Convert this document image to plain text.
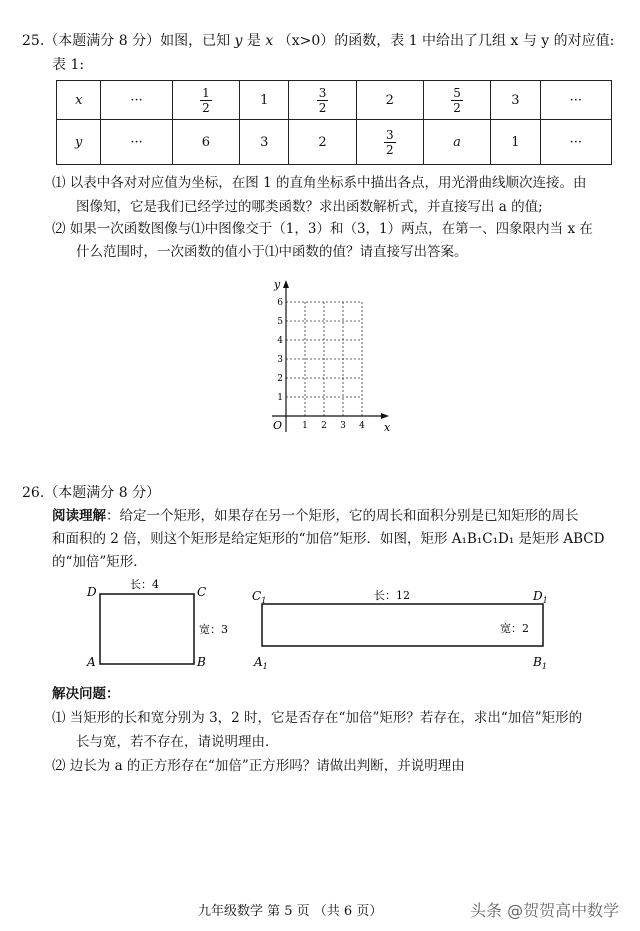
25.（本题满分 8 分）如图，已知 y 是 x （x>0）的函数，表 1 中给出了几组 x 与 y 的对应值:
表 1:
x	···	$\frac{1}{2}$	1	$\frac{3}{2}$	2	$\frac{5}{2}$	3	···
y	···	6	3	2	$\frac{3}{2}$	a	1	···
⑴ 以表中各对对应值为坐标，在图 1 的直角坐标系中描出各点，用光滑曲线顺次连接。由
图像知，它是我们已经学过的哪类函数？求出函数解析式，并直接写出 a 的值;
⑵ 如果一次函数图像与⑴中图像交于（1，3）和（3，1）两点，在第一、四象限内当 x 在
什么范围时，一次函数的值小于⑴中函数的值？请直接写出答案。
y
x
O
1
2
3
4
5
6
1 2 3 4
26.（本题满分 8 分）
阅读理解：给定一个矩形，如果存在另一个矩形，它的周长和面积分别是已知矩形的周长
和面积的 2 倍，则这个矩形是给定矩形的“加倍”矩形．如图，矩形 A₁B₁C₁D₁ 是矩形 ABCD
的“加倍”矩形．
D	C
A	B
长：4
宽：3
$C_1$	$D_1$
$A_1$	$B_1$
长：12
宽：2
解决问题：
⑴ 当矩形的长和宽分别为 3，2 时，它是否存在“加倍”矩形？若存在，求出“加倍”矩形的
长与宽，若不存在，请说明理由．
⑵ 边长为 a 的正方形存在“加倍”正方形吗？请做出判断，并说明理由
九年级数学 第 5 页 （共 6 页）	头条 @贺贺高中数学
